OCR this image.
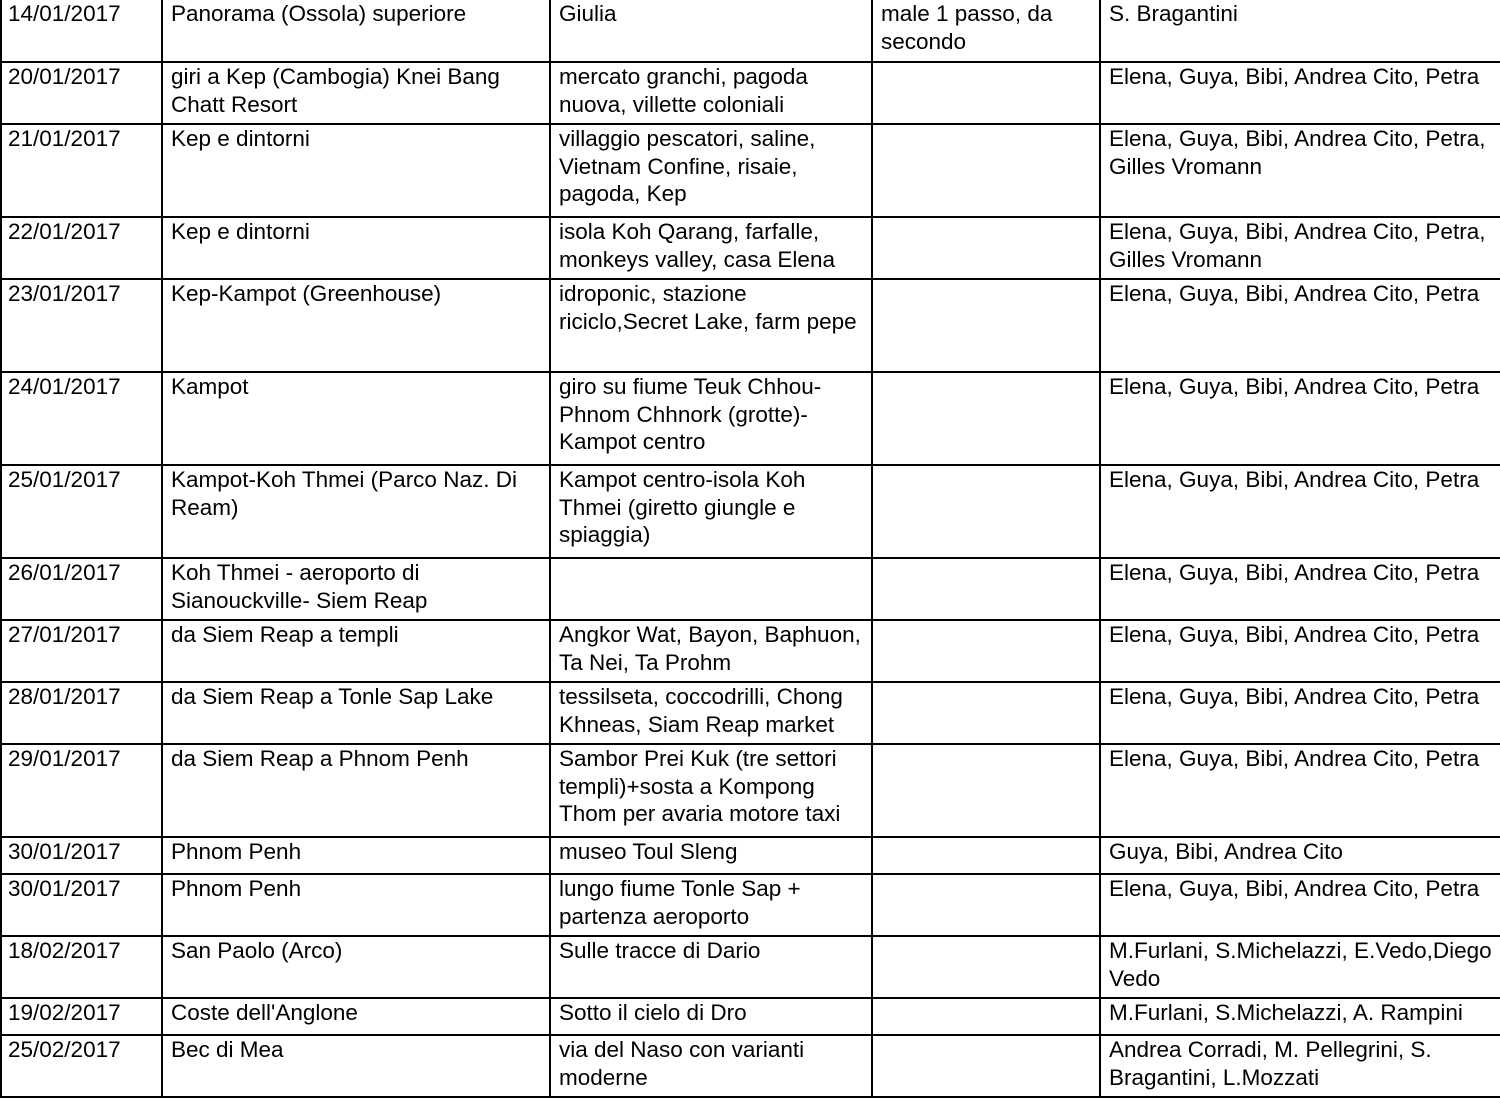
14/01/2017	Panorama (Ossola) superiore	Giulia	male 1 passo, da secondo	S. Bragantini
20/01/2017	giri a Kep (Cambogia) Knei Bang Chatt Resort	mercato granchi, pagoda nuova, villette coloniali		Elena, Guya, Bibi, Andrea Cito, Petra
21/01/2017	Kep e dintorni	villaggio pescatori, saline, Vietnam Confine, risaie, pagoda, Kep		Elena, Guya, Bibi, Andrea Cito, Petra, Gilles Vromann
22/01/2017	Kep e dintorni	isola Koh Qarang, farfalle, monkeys valley, casa Elena		Elena, Guya, Bibi, Andrea Cito, Petra, Gilles Vromann
23/01/2017	Kep-Kampot (Greenhouse)	idroponic, stazione riciclo,Secret Lake, farm pepe		Elena, Guya, Bibi, Andrea Cito, Petra
24/01/2017	Kampot	giro su fiume Teuk Chhou-Phnom Chhnork (grotte)-Kampot centro		Elena, Guya, Bibi, Andrea Cito, Petra
25/01/2017	Kampot-Koh Thmei (Parco Naz. Di Ream)	Kampot centro-isola Koh Thmei (giretto giungle e spiaggia)		Elena, Guya, Bibi, Andrea Cito, Petra
26/01/2017	Koh Thmei - aeroporto di Sianouckville- Siem Reap			Elena, Guya, Bibi, Andrea Cito, Petra
27/01/2017	da Siem Reap a templi	Angkor Wat, Bayon, Baphuon, Ta Nei, Ta Prohm		Elena, Guya, Bibi, Andrea Cito, Petra
28/01/2017	da Siem Reap a Tonle Sap Lake	tessilseta, coccodrilli, Chong Khneas, Siam Reap market		Elena, Guya, Bibi, Andrea Cito, Petra
29/01/2017	da Siem Reap a Phnom Penh	Sambor Prei Kuk (tre settori templi)+sosta a Kompong Thom per avaria motore taxi		Elena, Guya, Bibi, Andrea Cito, Petra
30/01/2017	Phnom Penh	museo Toul Sleng		Guya, Bibi, Andrea Cito
30/01/2017	Phnom Penh	lungo fiume Tonle Sap + partenza aeroporto		Elena, Guya, Bibi, Andrea Cito, Petra
18/02/2017	San Paolo (Arco)	Sulle tracce di Dario		M.Furlani, S.Michelazzi, E.Vedo,Diego Vedo
19/02/2017	Coste dell'Anglone	Sotto il cielo di Dro		M.Furlani, S.Michelazzi, A. Rampini
25/02/2017	Bec di Mea	via del Naso con varianti moderne		Andrea Corradi, M. Pellegrini, S. Bragantini, L.Mozzati
